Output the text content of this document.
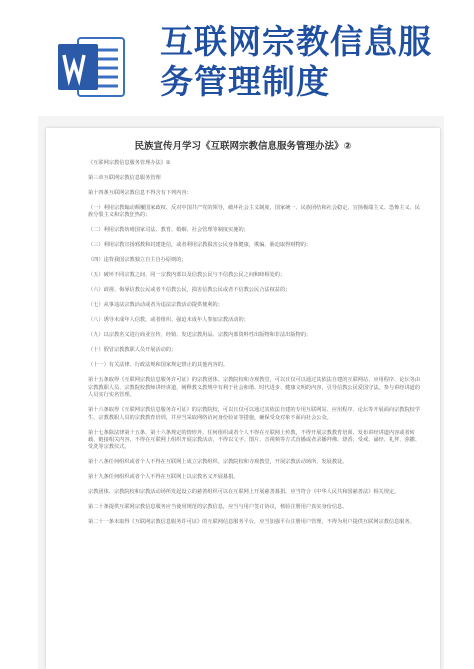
互联网宗教信息服
务管理制度
民族宣传月学习《互联网宗教信息服务管理办法》②

《互联网宗教信息服务管理办法》②

第三章互联网宗教信息服务管理

第十四条互联网宗教信息不得含有下列内容：

（一）利用宗教煽动颠覆国家政权、反对中国共产党的领导，破坏社会主义制度、国家统一、民族团结和社会稳定，宣扬极端主义、恐怖主义、民族分裂主义和宗教狂热的；

（二）利用宗教妨碍国家司法、教育、婚姻、社会管理等制度实施的；

（三）利用宗教宣扬邪教和封建迷信，或者利用宗教损害公民身体健康，欺骗、胁迫取得财物的；

（四）违背我国宗教独立自主自办原则的；

（五）破坏不同宗教之间、同一宗教内部以及信教公民与不信教公民之间和睦相处的；

（六）歧视、侮辱信教公民或者不信教公民，损害信教公民或者不信教公民合法权益的；

（七）从事违法宗教活动或者为违法宗教活动提供便利的；

（八）诱导未成年人信教，或者组织、强迫未成年人参加宗教活动的；

（九）以宗教名义进行商业宣传，经销、发送宗教用品、宗教内部资料性出版物和非法出版物的；

（十）假冒宗教教职人员开展活动的；

（十一）有关法律、行政法规和国家规定禁止的其他内容的。

第十五条取得《互联网宗教信息服务许可证》的宗教团体、宗教院校和寺观教堂，可以且仅可以通过其依法自建的互联网站、应用程序、论坛等由宗教教职人员、宗教院校教师讲经讲道，阐释教义教规中有利于社会和谐、时代进步、健康文明的内容，引导信教公民爱国守法。参与讲经讲道的人员实行实名管理。

第十六条取得《互联网宗教信息服务许可证》的宗教院校，可以且仅可以通过其依法自建的专用互联网站、应用程序、论坛等开展面向宗教院校学生、宗教教职人员的宗教教育培训，并应当采取网络访问身份验证等措施，确保受众对象不面向社会公众。

第十七条除法律第十五条、第十六条规定的情形外，任何组织或者个人不得在互联网上传教，不得开展宗教教育培训、发布讲经讲道内容或者转载、链接相关内容，不得在互联网上组织开展宗教活动，不得以文字、图片、音视频等方式直播或者录播拜佛、烧香、受戒、诵经、礼拜、弥撒、受洗等宗教仪式。

第十八条任何组织或者个人不得在互联网上成立宗教组织、宗教院校和寺观教堂，开展宗教活动场所、发展教徒。

第十九条任何组织或者个人不得在互联网上以宗教名义开展募捐。

宗教团体、宗教院校和宗教活动场所发起设立的慈善组织可以在互联网上开展慈善募捐，应当符合《中华人民共和国慈善法》相关规定。

第二十条提供互联网宗教信息服务应当使用规范的宗教信息，应当与用户签订协议，核验注册用户真实身份信息。

第二十一条未取得《互联网宗教信息服务许可证》的互联网信息服务平台，应当加强平台注册用户管理，不得为用户提供互联网宗教信息服务。
